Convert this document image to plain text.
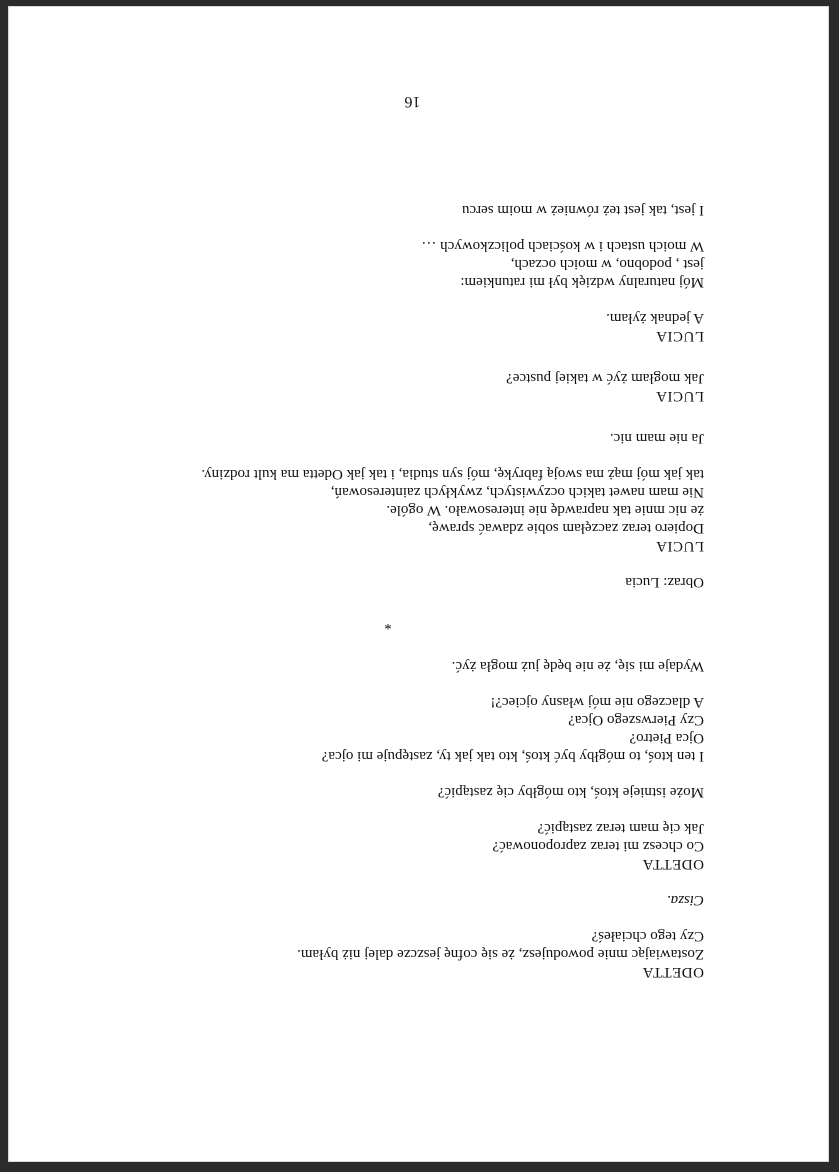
ODETTA
Zostawiając mnie powodujesz, że się cofnę jeszcze dalej niż byłam.
Czy tego chciałeś?
Cisza.
ODETTA
Co chcesz mi teraz zaproponować?
Jak cię mam teraz zastąpić?
Może istnieje ktoś, kto mógłby cię zastąpić?
I ten ktoś, to mógłby być ktoś, kto tak jak ty, zastępuje mi ojca?
Ojca Pietro?
Czy Pierwszego Ojca?
A dlaczego nie mój własny ojciec?!
Wydaje mi się, że nie będę już mogła żyć.
*
Obraz: Lucia
LUCIA
Dopiero teraz zaczęłam sobie zdawać sprawę,
że nic mnie tak naprawdę nie interesowało. W ogóle.
Nie mam nawet takich oczywistych, zwykłych zainteresowań,
tak jak mój mąż ma swoją fabrykę, mój syn studia, i tak jak Odetta ma kult rodziny.
Ja nie mam nic.
LUCIA
Jak mogłam żyć w takiej pustce?
LUCIA
A jednak żyłam.
Mój naturalny wdzięk był mi ratunkiem:
jest , podobno, w moich oczach,
W moich ustach i w kościach policzkowych …
I jest, tak jest też również w moim sercu
16
